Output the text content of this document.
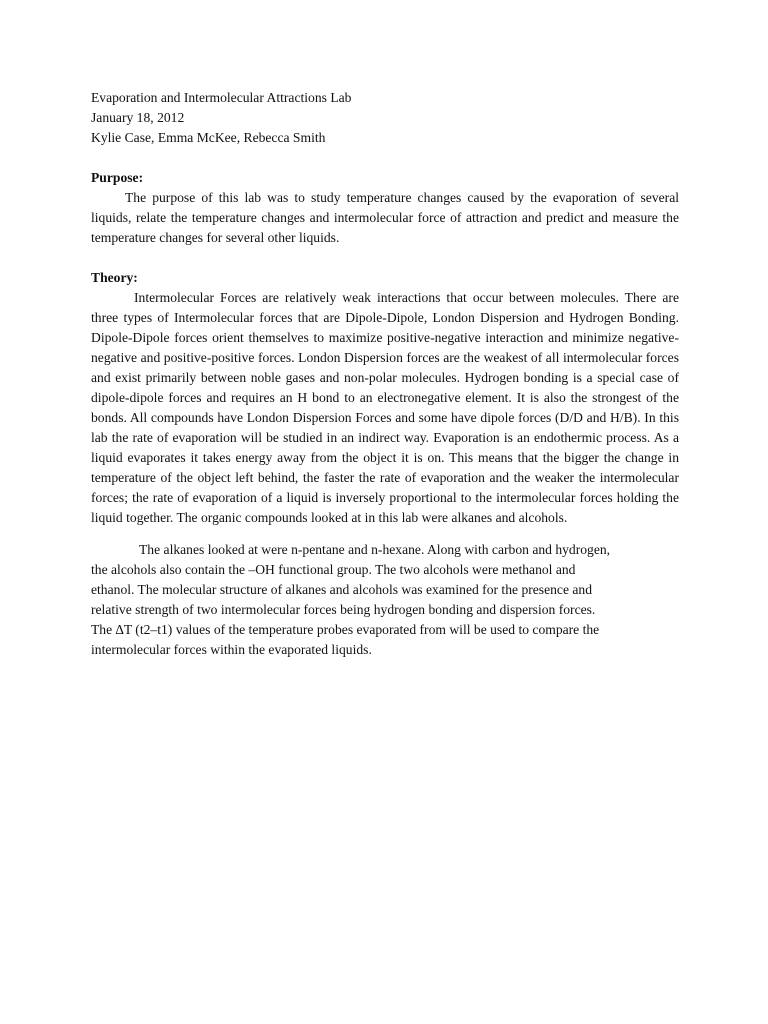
Evaporation and Intermolecular Attractions Lab
January 18, 2012
Kylie Case, Emma McKee, Rebecca Smith
Purpose:

The purpose of this lab was to study temperature changes caused by the evaporation of several liquids, relate the temperature changes and intermolecular force of attraction and predict and measure the temperature changes for several other liquids.

Theory:

Intermolecular Forces are relatively weak interactions that occur between molecules. There are three types of Intermolecular forces that are Dipole-Dipole, London Dispersion and Hydrogen Bonding. Dipole-Dipole forces orient themselves to maximize positive-negative interaction and minimize negative-negative and positive-positive forces. London Dispersion forces are the weakest of all intermolecular forces and exist primarily between noble gases and non-polar molecules. Hydrogen bonding is a special case of dipole-dipole forces and requires an H bond to an electronegative element. It is also the strongest of the bonds. All compounds have London Dispersion Forces and some have dipole forces (D/D and H/B). In this lab the rate of evaporation will be studied in an indirect way. Evaporation is an endothermic process. As a liquid evaporates it takes energy away from the object it is on. This means that the bigger the change in temperature of the object left behind, the faster the rate of evaporation and the weaker the intermolecular forces; the rate of evaporation of a liquid is inversely proportional to the intermolecular forces holding the liquid together. The organic compounds looked at in this lab were alkanes and alcohols.

The alkanes looked at were n-pentane and n-hexane. Along with carbon and hydrogen,
the alcohols also contain the –OH functional group. The two alcohols were methanol and
ethanol. The molecular structure of alkanes and alcohols was examined for the presence and
relative strength of two intermolecular forces being hydrogen bonding and dispersion forces.
The ∆T (t2–t1) values of the temperature probes evaporated from will be used to compare the
intermolecular forces within the evaporated liquids.
